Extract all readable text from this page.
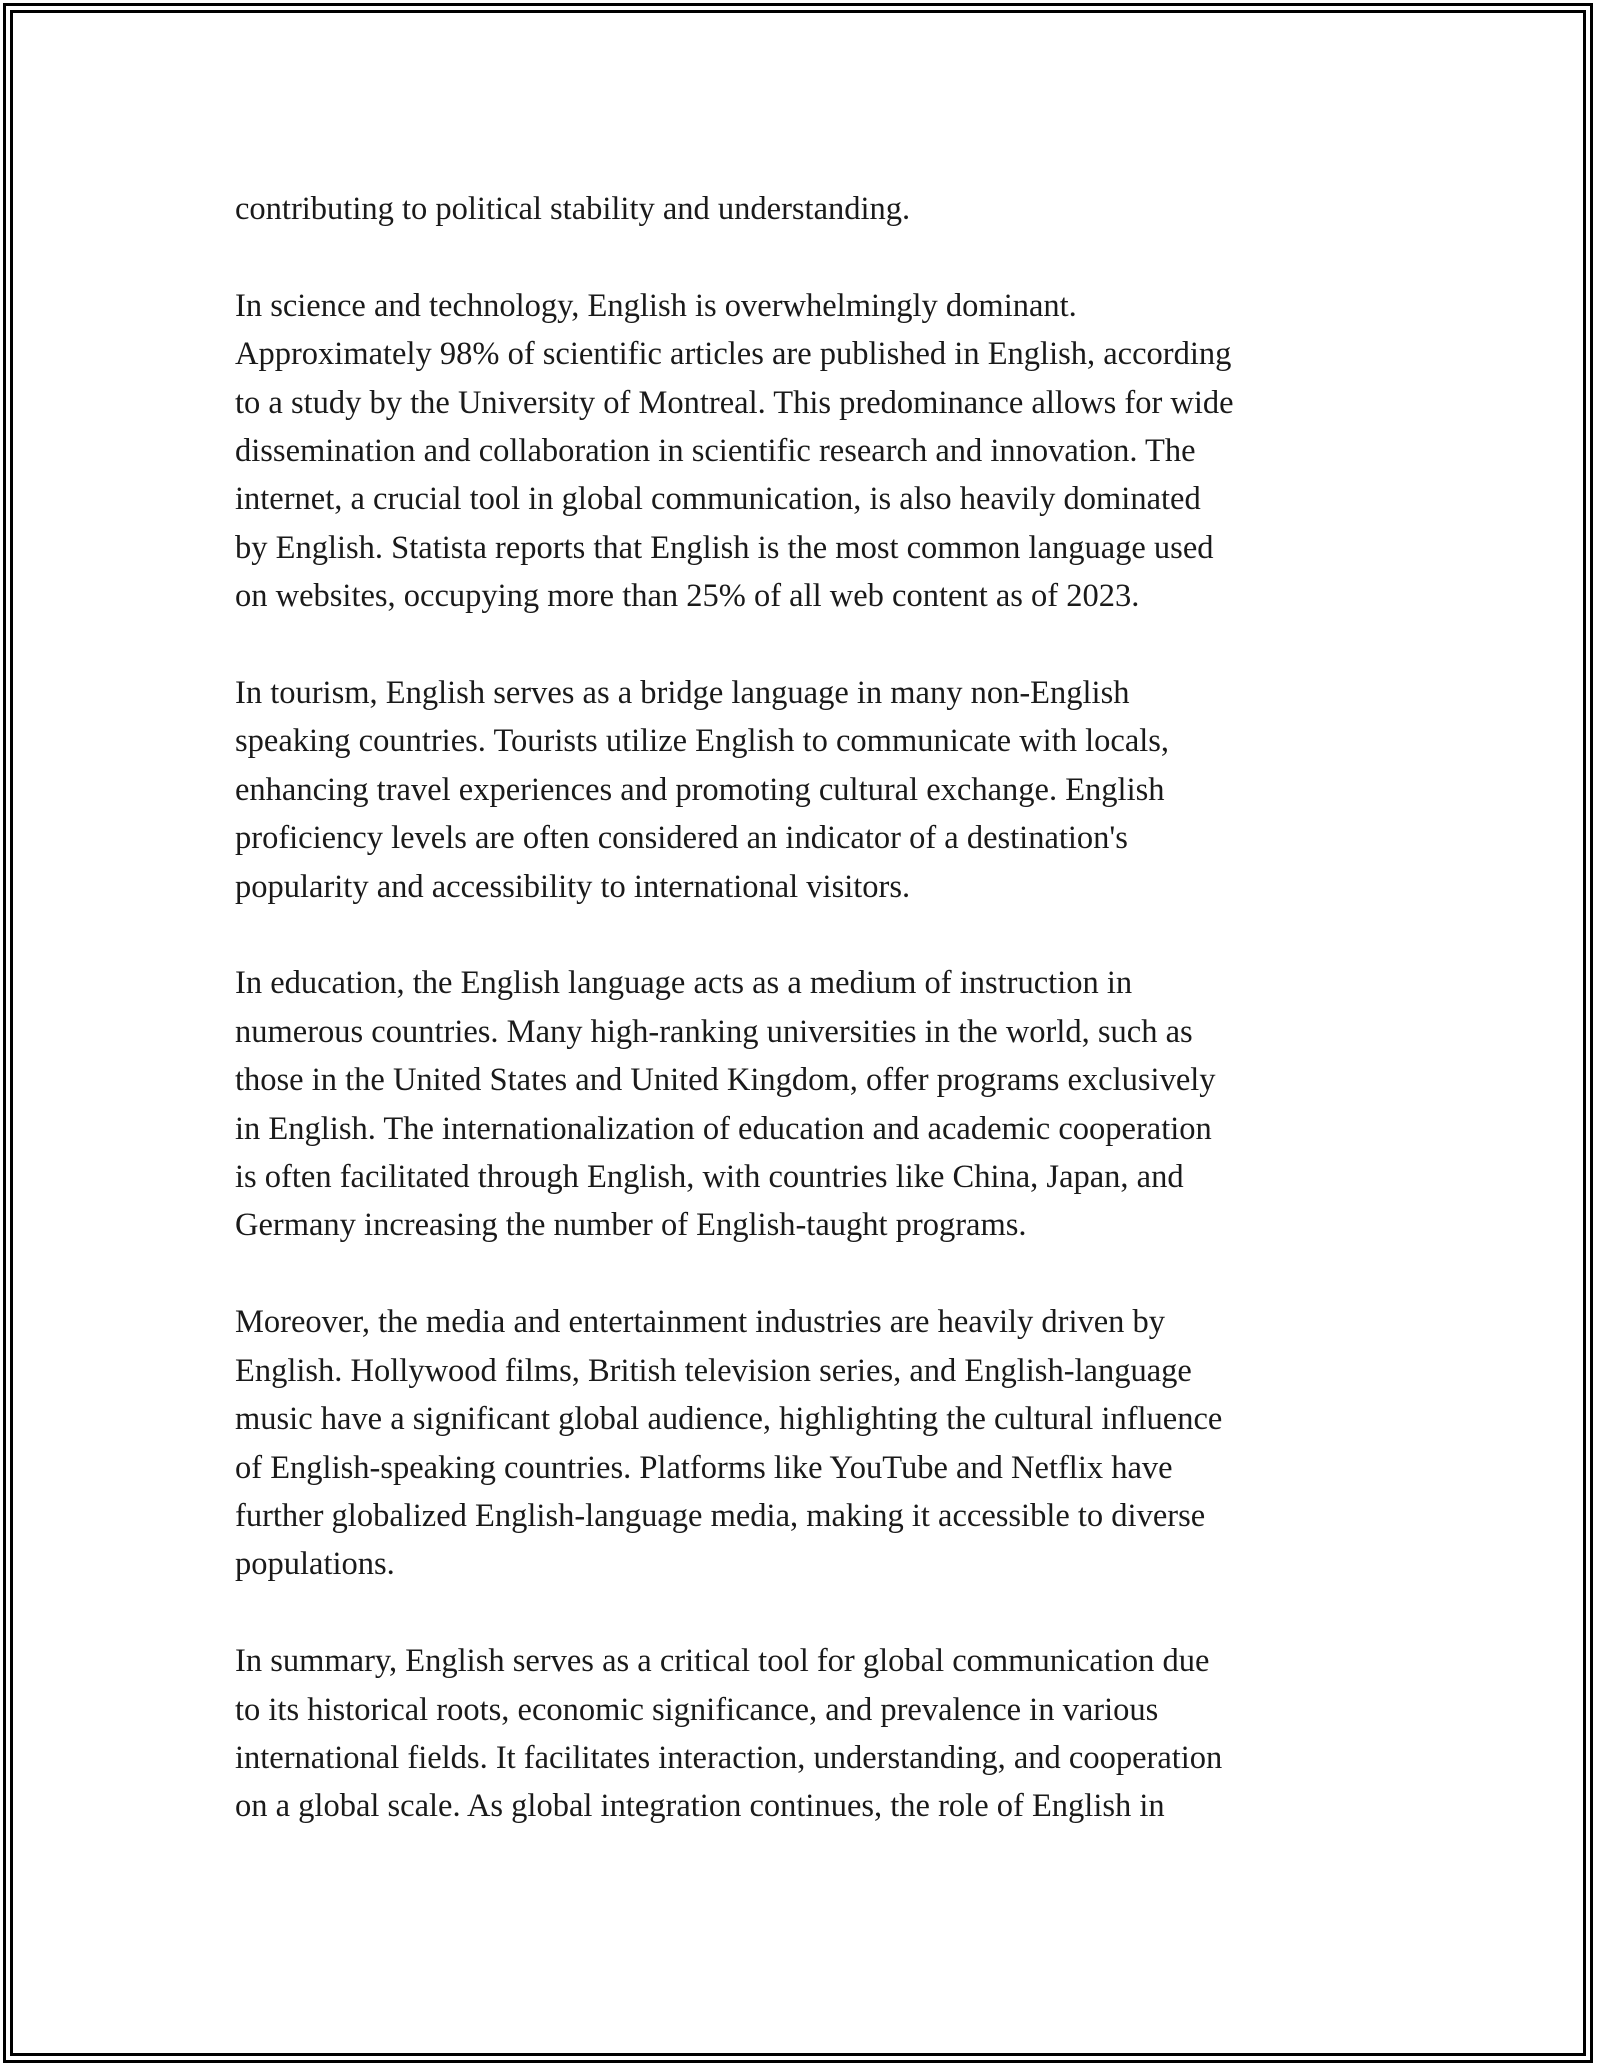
contributing to political stability and understanding.

In science and technology, English is overwhelmingly dominant.
Approximately 98% of scientific articles are published in English, according
to a study by the University of Montreal. This predominance allows for wide
dissemination and collaboration in scientific research and innovation. The
internet, a crucial tool in global communication, is also heavily dominated
by English. Statista reports that English is the most common language used
on websites, occupying more than 25% of all web content as of 2023.

In tourism, English serves as a bridge language in many non-English
speaking countries. Tourists utilize English to communicate with locals,
enhancing travel experiences and promoting cultural exchange. English
proficiency levels are often considered an indicator of a destination's
popularity and accessibility to international visitors.

In education, the English language acts as a medium of instruction in
numerous countries. Many high-ranking universities in the world, such as
those in the United States and United Kingdom, offer programs exclusively
in English. The internationalization of education and academic cooperation
is often facilitated through English, with countries like China, Japan, and
Germany increasing the number of English-taught programs.

Moreover, the media and entertainment industries are heavily driven by
English. Hollywood films, British television series, and English-language
music have a significant global audience, highlighting the cultural influence
of English-speaking countries. Platforms like YouTube and Netflix have
further globalized English-language media, making it accessible to diverse
populations.

In summary, English serves as a critical tool for global communication due
to its historical roots, economic significance, and prevalence in various
international fields. It facilitates interaction, understanding, and cooperation
on a global scale. As global integration continues, the role of English in
